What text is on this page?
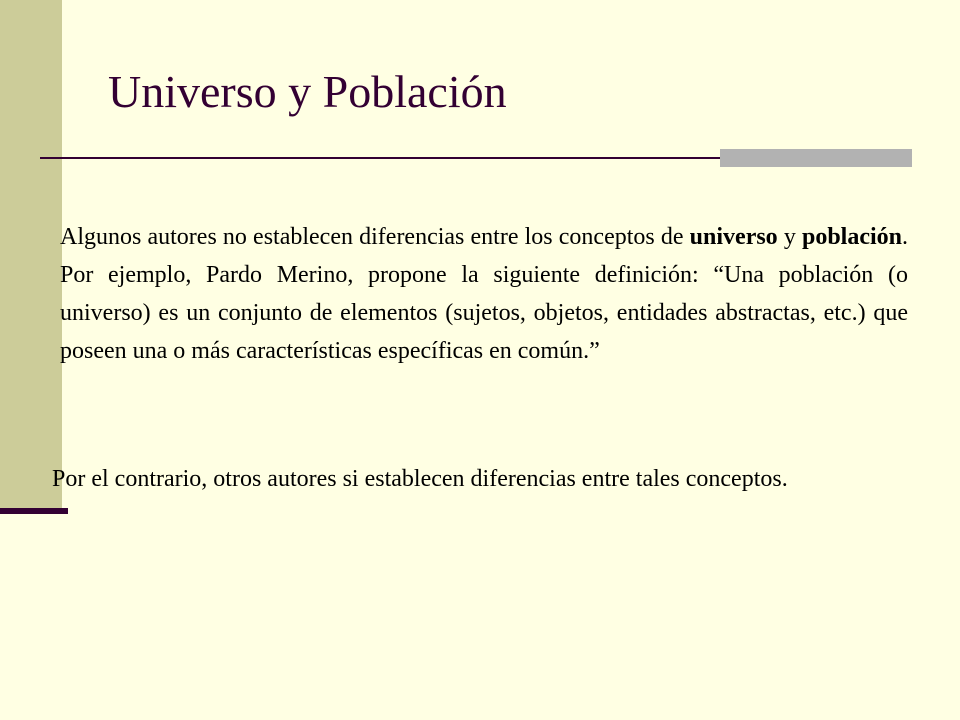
Universo y Población
Algunos autores no establecen diferencias entre los conceptos de universo y población. Por ejemplo, Pardo Merino, propone la siguiente definición: “Una población (o universo) es un conjunto de elementos (sujetos, objetos, entidades abstractas, etc.) que poseen una o más características específicas en común.”
Por el contrario, otros autores si establecen diferencias entre tales conceptos.
